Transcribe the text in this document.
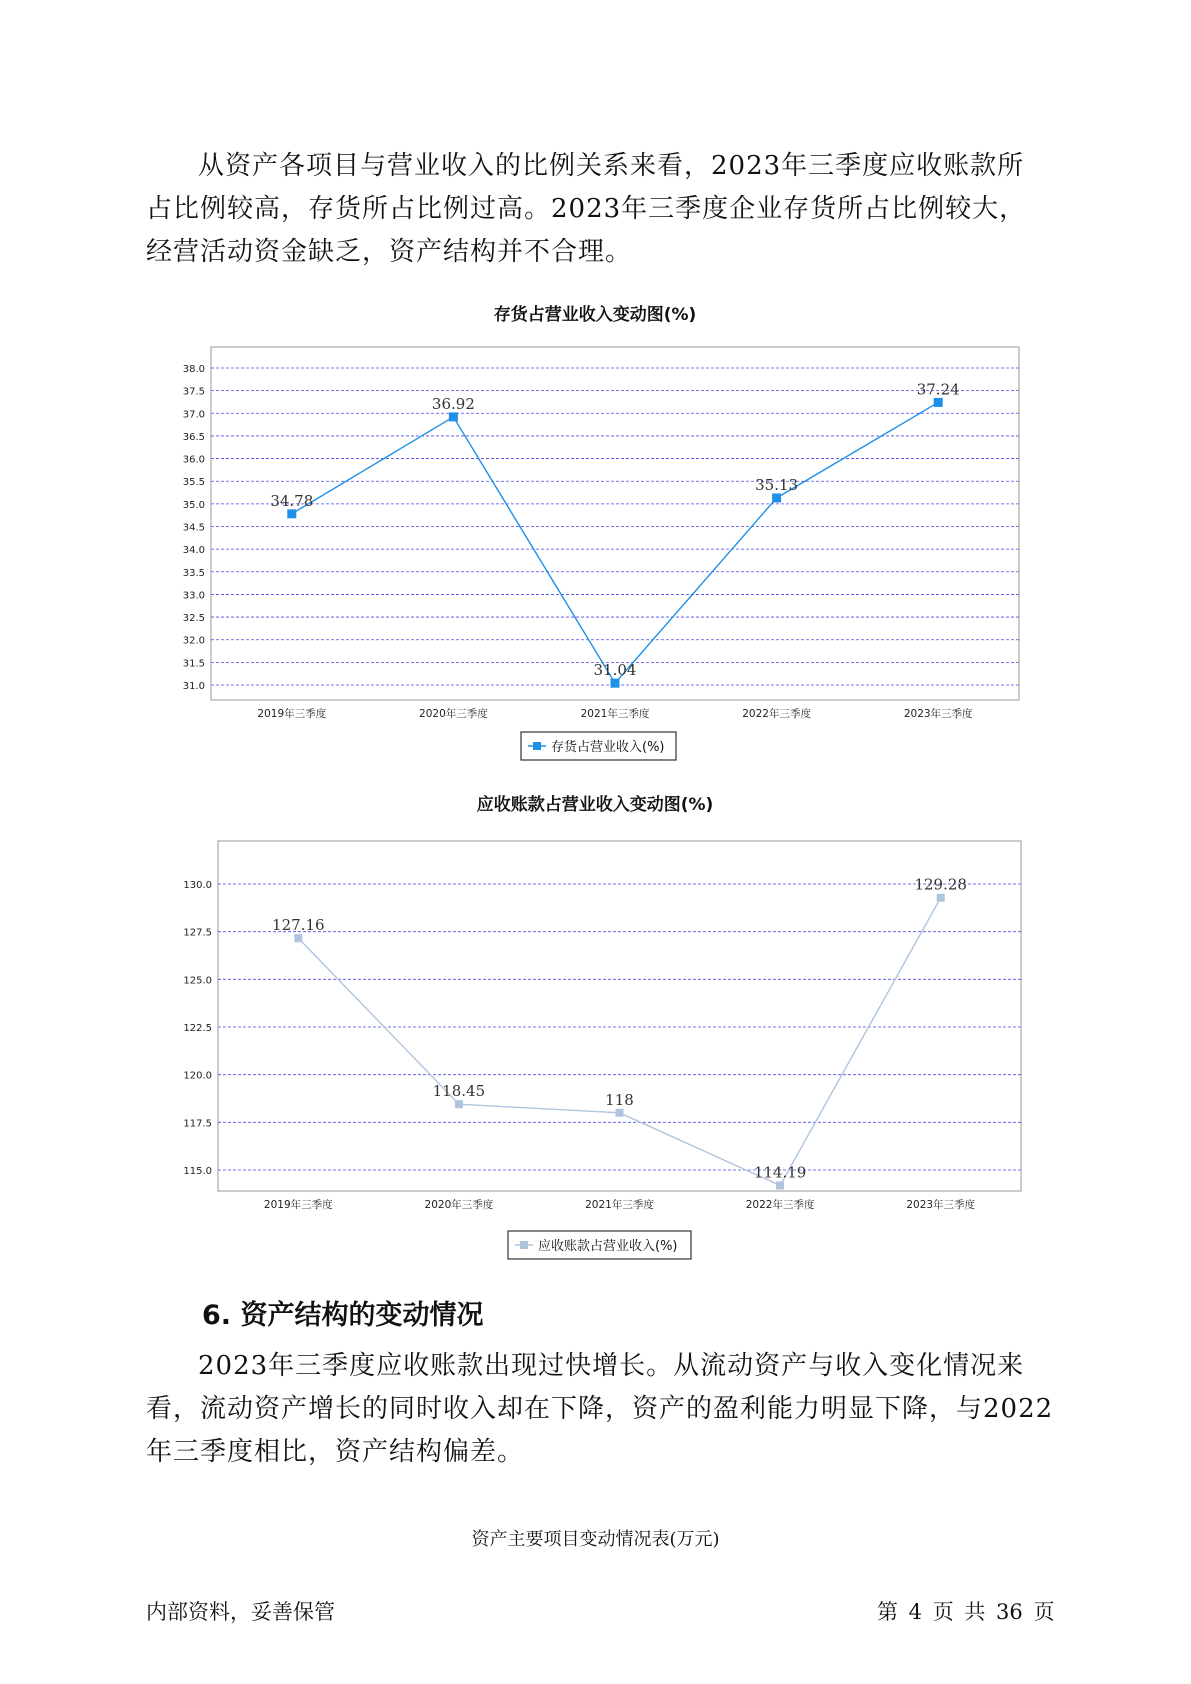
从资产各项目与营业收入的比例关系来看，2023年三季度应收账款所
占比例较高，存货所占比例过高。2023年三季度企业存货所占比例较大，
经营活动资金缺乏，资产结构并不合理。
存货占营业收入变动图(%)
31.0
31.5
32.0
32.5
33.0
33.5
34.0
34.5
35.0
35.5
36.0
36.5
37.0
37.5
38.0
2019年三季度	2020年三季度	2021年三季度	2022年三季度	2023年三季度
34.78
36.92
31.04
35.13
37.24
存货占营业收入(%)
应收账款占营业收入变动图(%)
115.0
117.5
120.0
122.5
125.0
127.5
130.0
2019年三季度	2020年三季度	2021年三季度	2022年三季度	2023年三季度
127.16
118.45	118
114.19
129.28
应收账款占营业收入(%)
6. 资产结构的变动情况
2023年三季度应收账款出现过快增长。从流动资产与收入变化情况来
看，流动资产增长的同时收入却在下降，资产的盈利能力明显下降，与2022
年三季度相比，资产结构偏差。
资产主要项目变动情况表(万元)
内部资料，妥善保管	第 4 页 共 36 页
